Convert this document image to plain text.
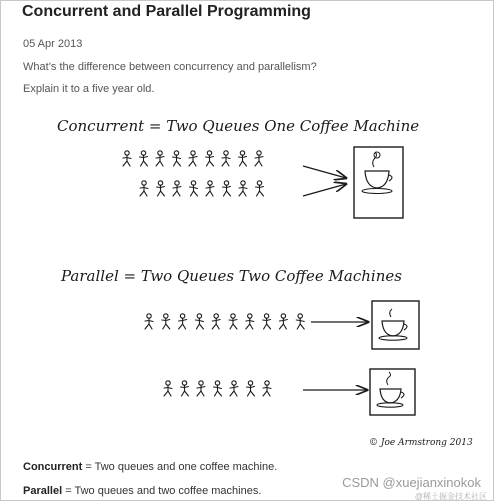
Concurrent and Parallel Programming
05 Apr 2013
What’s the difference between concurrency and parallelism?
Explain it to a five year old.
Concurrent = Two Queues One Coffee Machine
Parallel = Two Queues Two Coffee Machines
© Joe Armstrong 2013
Concurrent = Two queues and one coffee machine.
Parallel = Two queues and two coffee machines.
CSDN @xuejianxinokok
@稀土掘金技术社区
